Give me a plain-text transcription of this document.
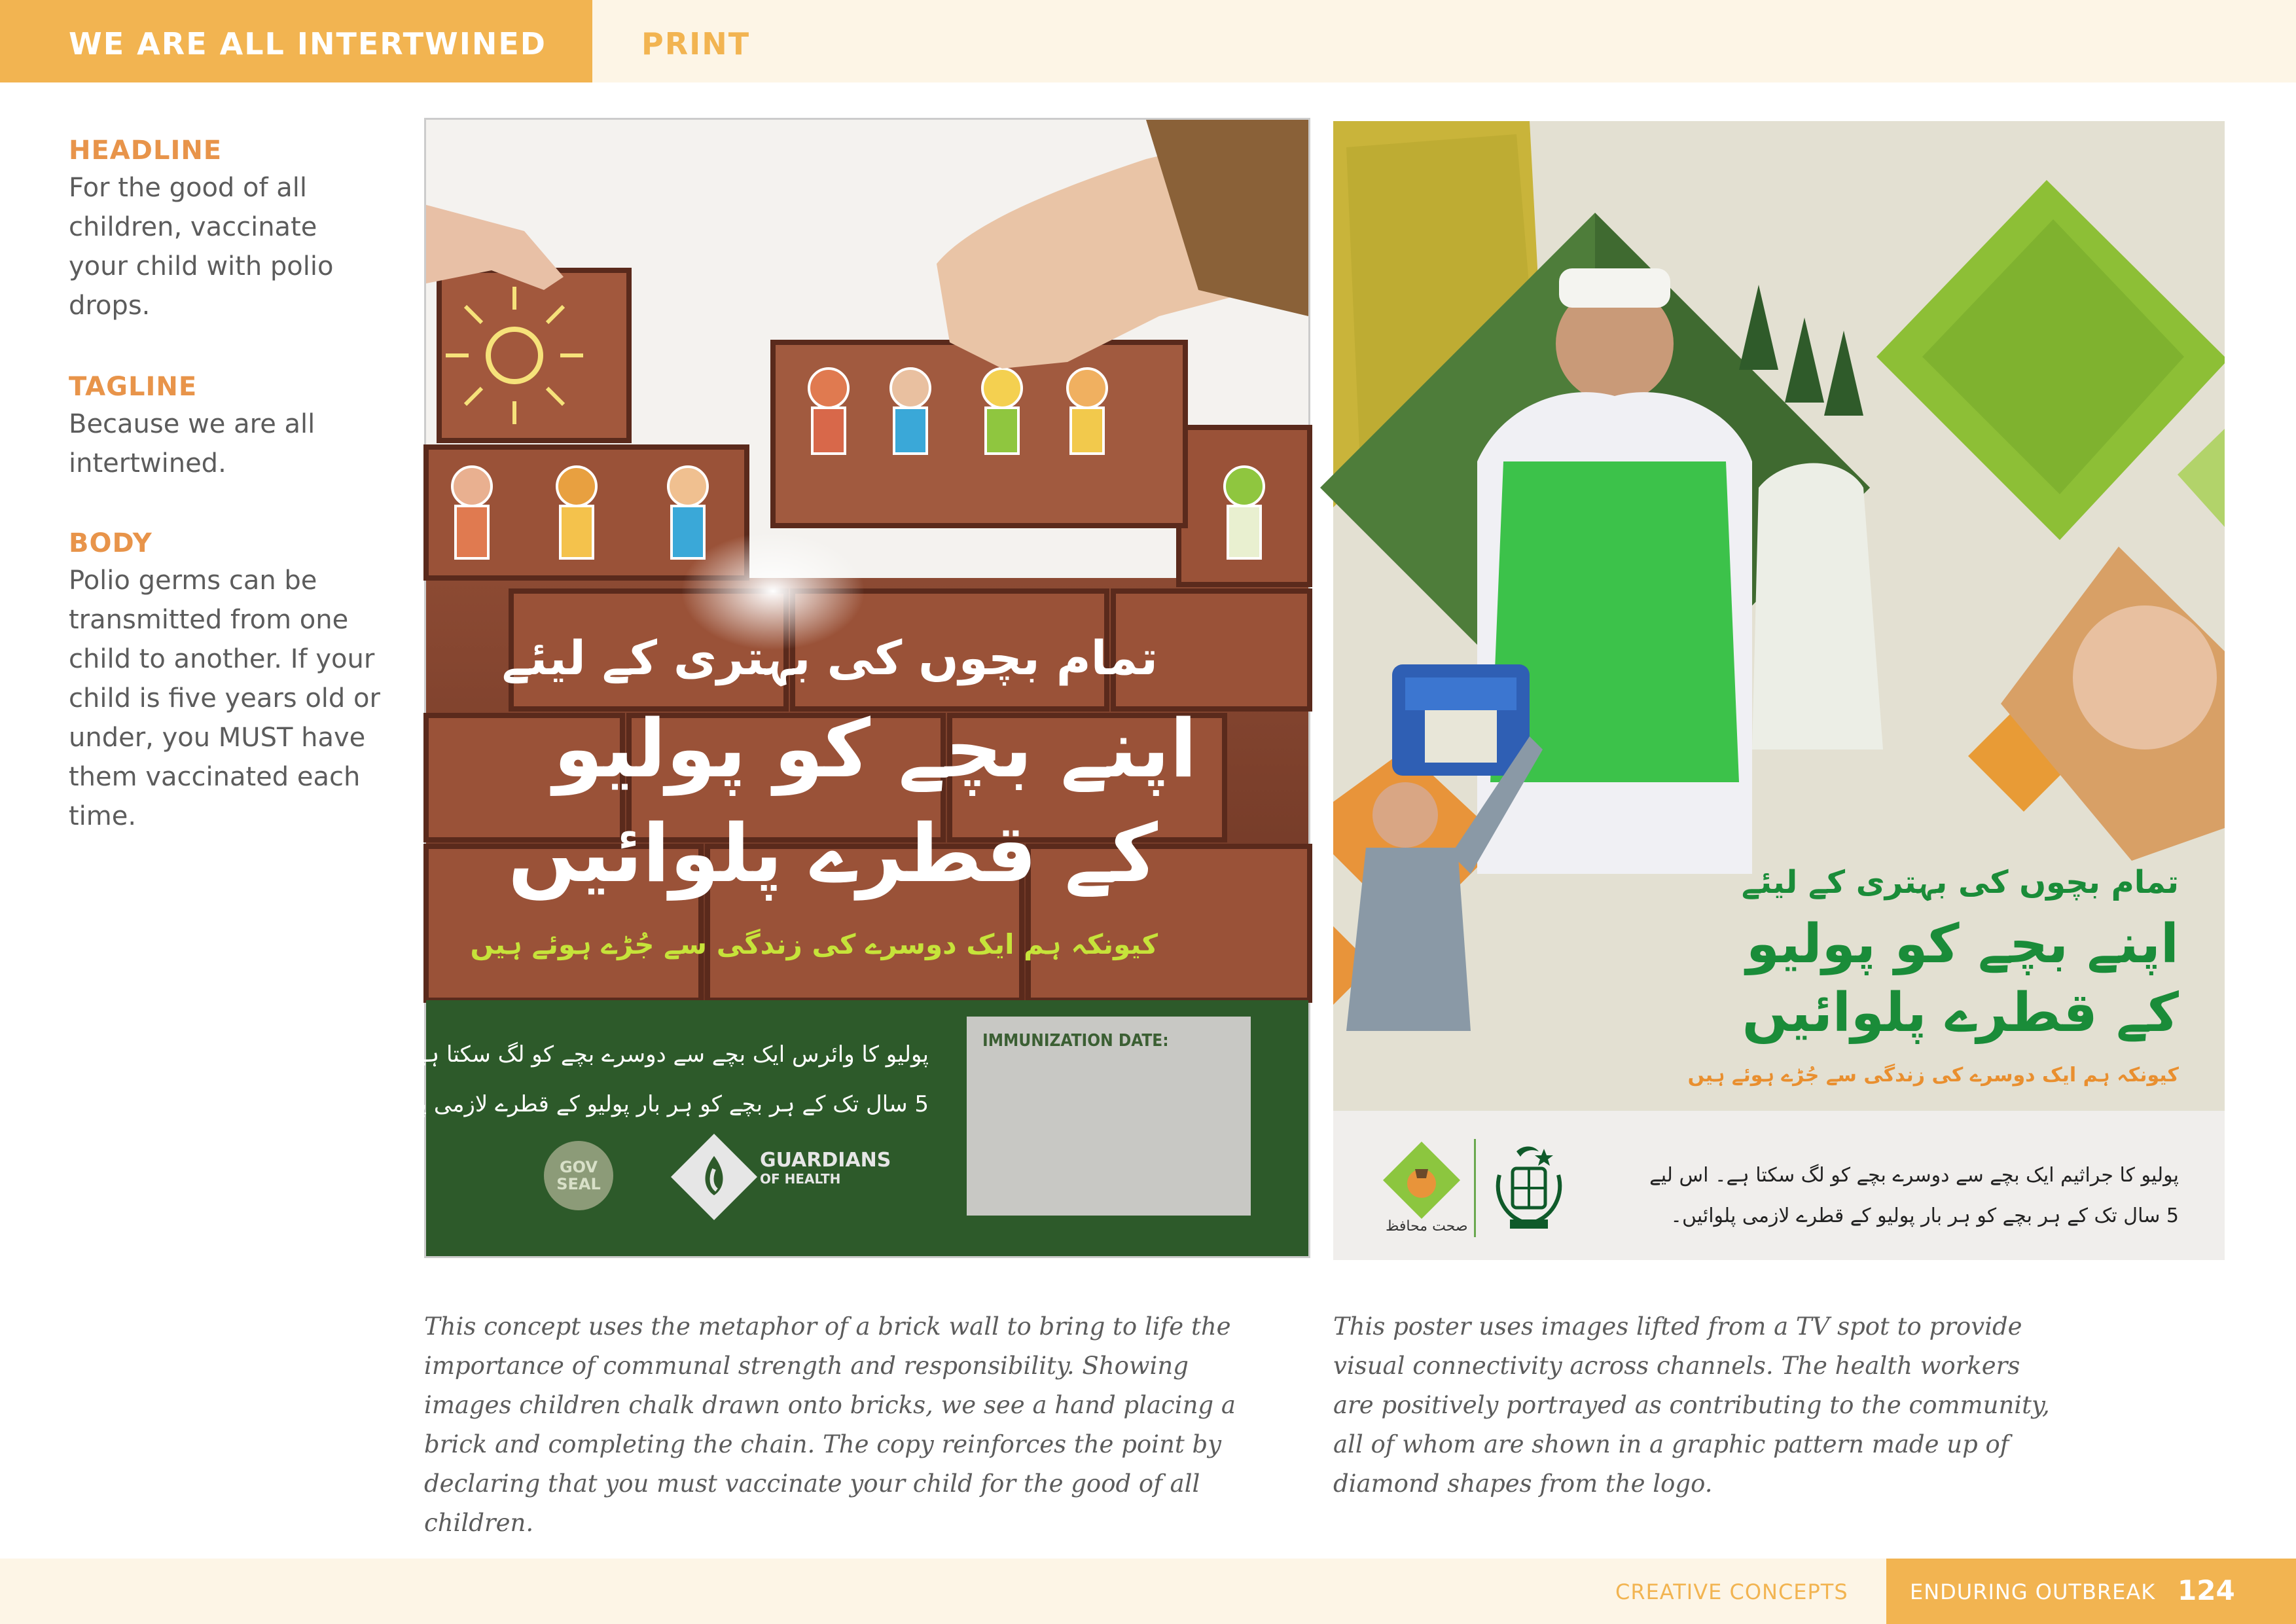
WE ARE ALL INTERTWINED	PRINT
HEADLINE
For the good of all children, vaccinate your child with polio drops.
TAGLINE
Because we are all intertwined.
BODY
Polio germs can be transmitted from one child to another. If your child is five years old or under, you MUST have them vaccinated each time.
تمام بچوں کی بہتری کے لیئے
اپنے بچے کو پولیو
کے قطرے پلوائیں
کیونکہ ہم ایک دوسرے کی زندگی سے جُڑے ہوئے ہیں
پولیو کا وائرس ایک بچے سے دوسرے بچے کو لگ سکتا ہے۔ اس لیے
5 سال تک کے ہر بچے کو ہر بار پولیو کے قطرے لازمی پلوائیں۔
IMMUNIZATION DATE:
GOV SEAL
GUARDIANS
OF HEALTH
تمام بچوں کی بہتری کے لیئے
اپنے بچے کو پولیو
کے قطرے پلوائیں
کیونکہ ہم ایک دوسرے کی زندگی سے جُڑے ہوئے ہیں
پولیو کا جراثیم ایک بچے سے دوسرے بچے کو لگ سکتا ہے۔ اس لیے
5 سال تک کے ہر بچے کو ہر بار پولیو کے قطرے لازمی پلوائیں۔
صحت محافظ
This concept uses the metaphor of a brick wall to bring to life the importance of communal strength and responsibility. Showing images children chalk drawn onto bricks, we see a hand placing a brick and completing the chain. The copy reinforces the point by declaring that you must vaccinate your child for the good of all children.
This poster uses images lifted from a TV spot to provide visual connectivity across channels. The health workers are positively portrayed as contributing to the community, all of whom are shown in a graphic pattern made up of diamond shapes from the logo.
CREATIVE CONCEPTS	ENDURING OUTBREAK 124
